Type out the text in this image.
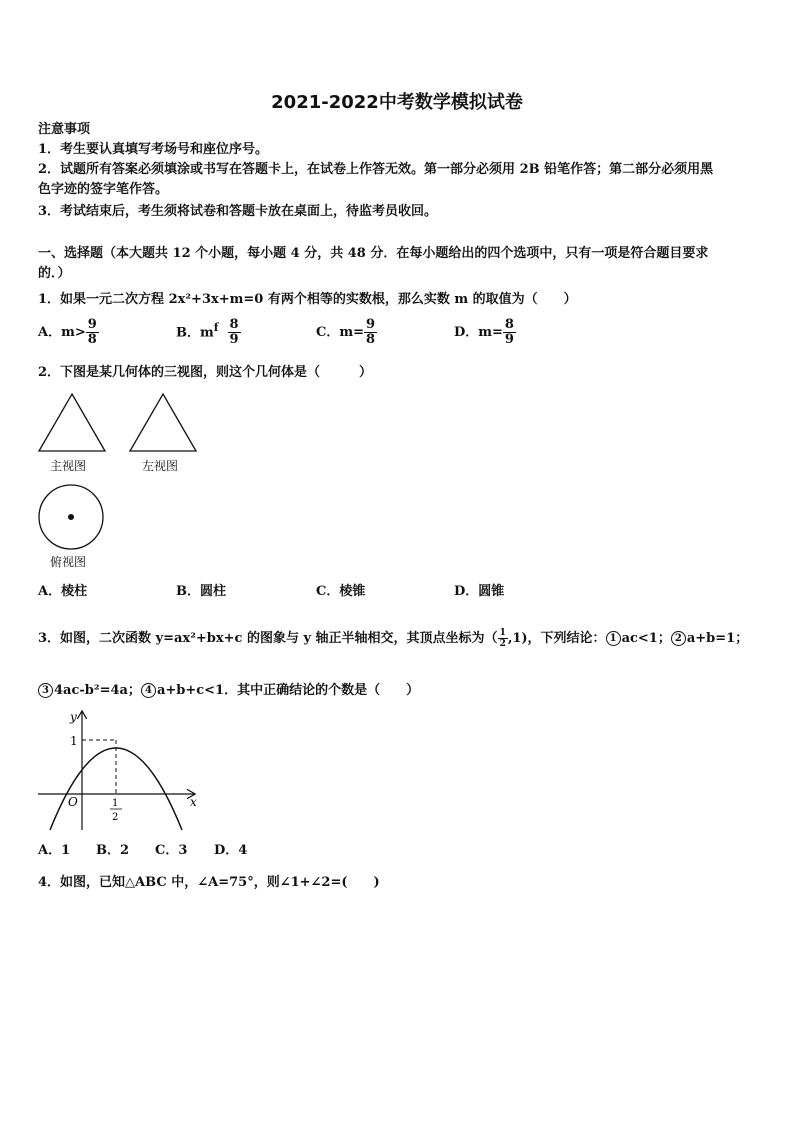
2021-2022中考数学模拟试卷
注意事项
1．考生要认真填写考场号和座位序号。
2．试题所有答案必须填涂或书写在答题卡上，在试卷上作答无效。第一部分必须用 2B 铅笔作答；第二部分必须用黑
色字迹的签字笔作答。
3．考试结束后，考生须将试卷和答题卡放在桌面上，待监考员收回。
一、选择题（本大题共 12 个小题，每小题 4 分，共 48 分．在每小题给出的四个选项中，只有一项是符合题目要求
的．）
1．如果一元二次方程 2x²+3x+m=0 有两个相等的实数根，那么实数 m 的取值为（　　）
A．$m> \frac{9}{8}$	B．$m^f \frac{8}{9}$	C．$m= \frac{9}{8}$	D．$m= \frac{8}{9}$
2．下图是某几何体的三视图，则这个几何体是（　　　）
主视图	左视图
俯视图
A．棱柱	B．圆柱	C．棱锥	D．圆锥
3．如图，二次函数 y=ax²+bx+c 的图象与 y 轴正半轴相交，其顶点坐标为（ $\frac{1}{2} ,1$)，下列结论： 1 ac<1； 2 a+b=1；
3 4ac-b²=4a； 4 a+b+c<1．其中正确结论的个数是（　　）
y
x
O
1
1
2
A．1 B．2 C．3 D．4
4．如图，已知△ABC 中，∠A=75°，则∠1+∠2=(　　)
